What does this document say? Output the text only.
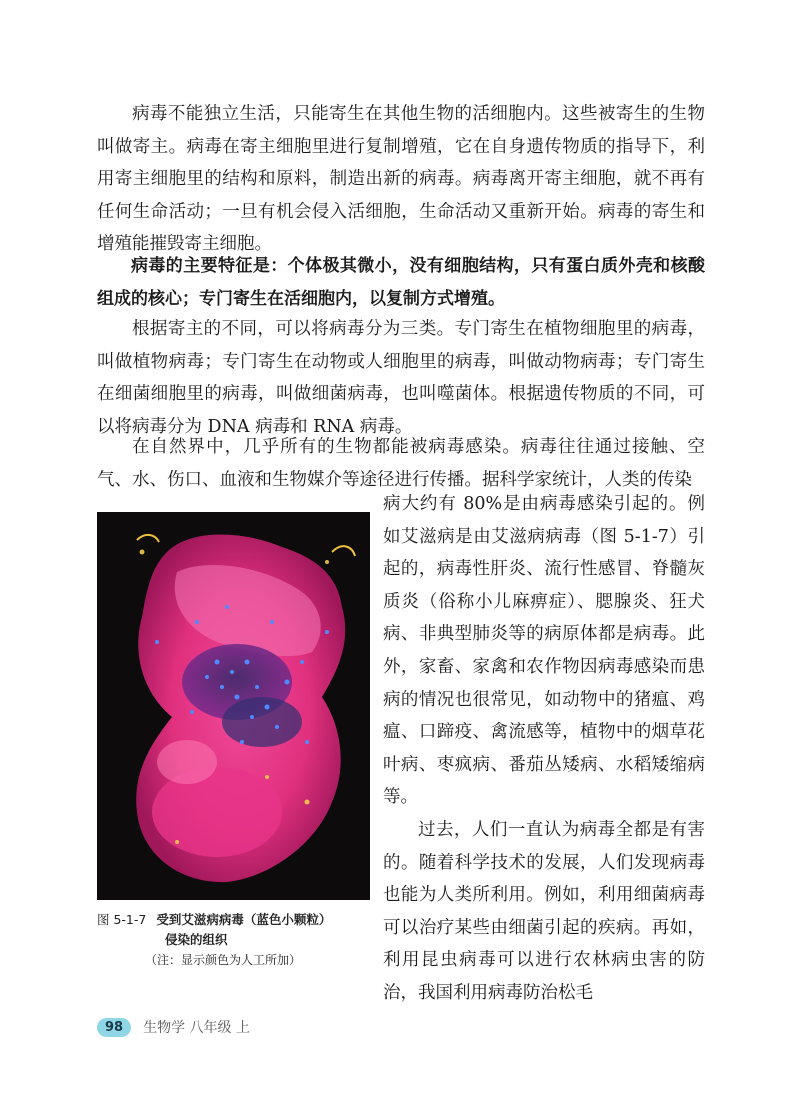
病毒不能独立生活，只能寄生在其他生物的活细胞内。这些被寄生的生物叫做寄主。病毒在寄主细胞里进行复制增殖，它在自身遗传物质的指导下，利用寄主细胞里的结构和原料，制造出新的病毒。病毒离开寄主细胞，就不再有任何生命活动；一旦有机会侵入活细胞，生命活动又重新开始。病毒的寄生和增殖能摧毁寄主细胞。

病毒的主要特征是：个体极其微小，没有细胞结构，只有蛋白质外壳和核酸组成的核心；专门寄生在活细胞内，以复制方式增殖。

根据寄主的不同，可以将病毒分为三类。专门寄生在植物细胞里的病毒，叫做植物病毒；专门寄生在动物或人细胞里的病毒，叫做动物病毒；专门寄生在细菌细胞里的病毒，叫做细菌病毒，也叫噬菌体。根据遗传物质的不同，可以将病毒分为 DNA 病毒和 RNA 病毒。

在自然界中，几乎所有的生物都能被病毒感染。病毒往往通过接触、空气、水、伤口、血液和生物媒介等途径进行传播。据科学家统计，人类的传染

病大约有 80%是由病毒感染引起的。例如艾滋病是由艾滋病病毒（图 5-1-7）引起的，病毒性肝炎、流行性感冒、脊髓灰质炎（俗称小儿麻痹症）、腮腺炎、狂犬病、非典型肺炎等的病原体都是病毒。此外，家畜、家禽和农作物因病毒感染而患病的情况也很常见，如动物中的猪瘟、鸡瘟、口蹄疫、禽流感等，植物中的烟草花叶病、枣疯病、番茄丛矮病、水稻矮缩病等。

过去，人们一直认为病毒全都是有害的。随着科学技术的发展，人们发现病毒也能为人类所利用。例如，利用细菌病毒可以治疗某些由细菌引起的疾病。再如，利用昆虫病毒可以进行农林病虫害的防治，我国利用病毒防治松毛

图 5-1-7 受到艾滋病病毒（蓝色小颗粒）
侵染的组织
（注：显示颜色为人工所加）
98	生物学 八年级 上
